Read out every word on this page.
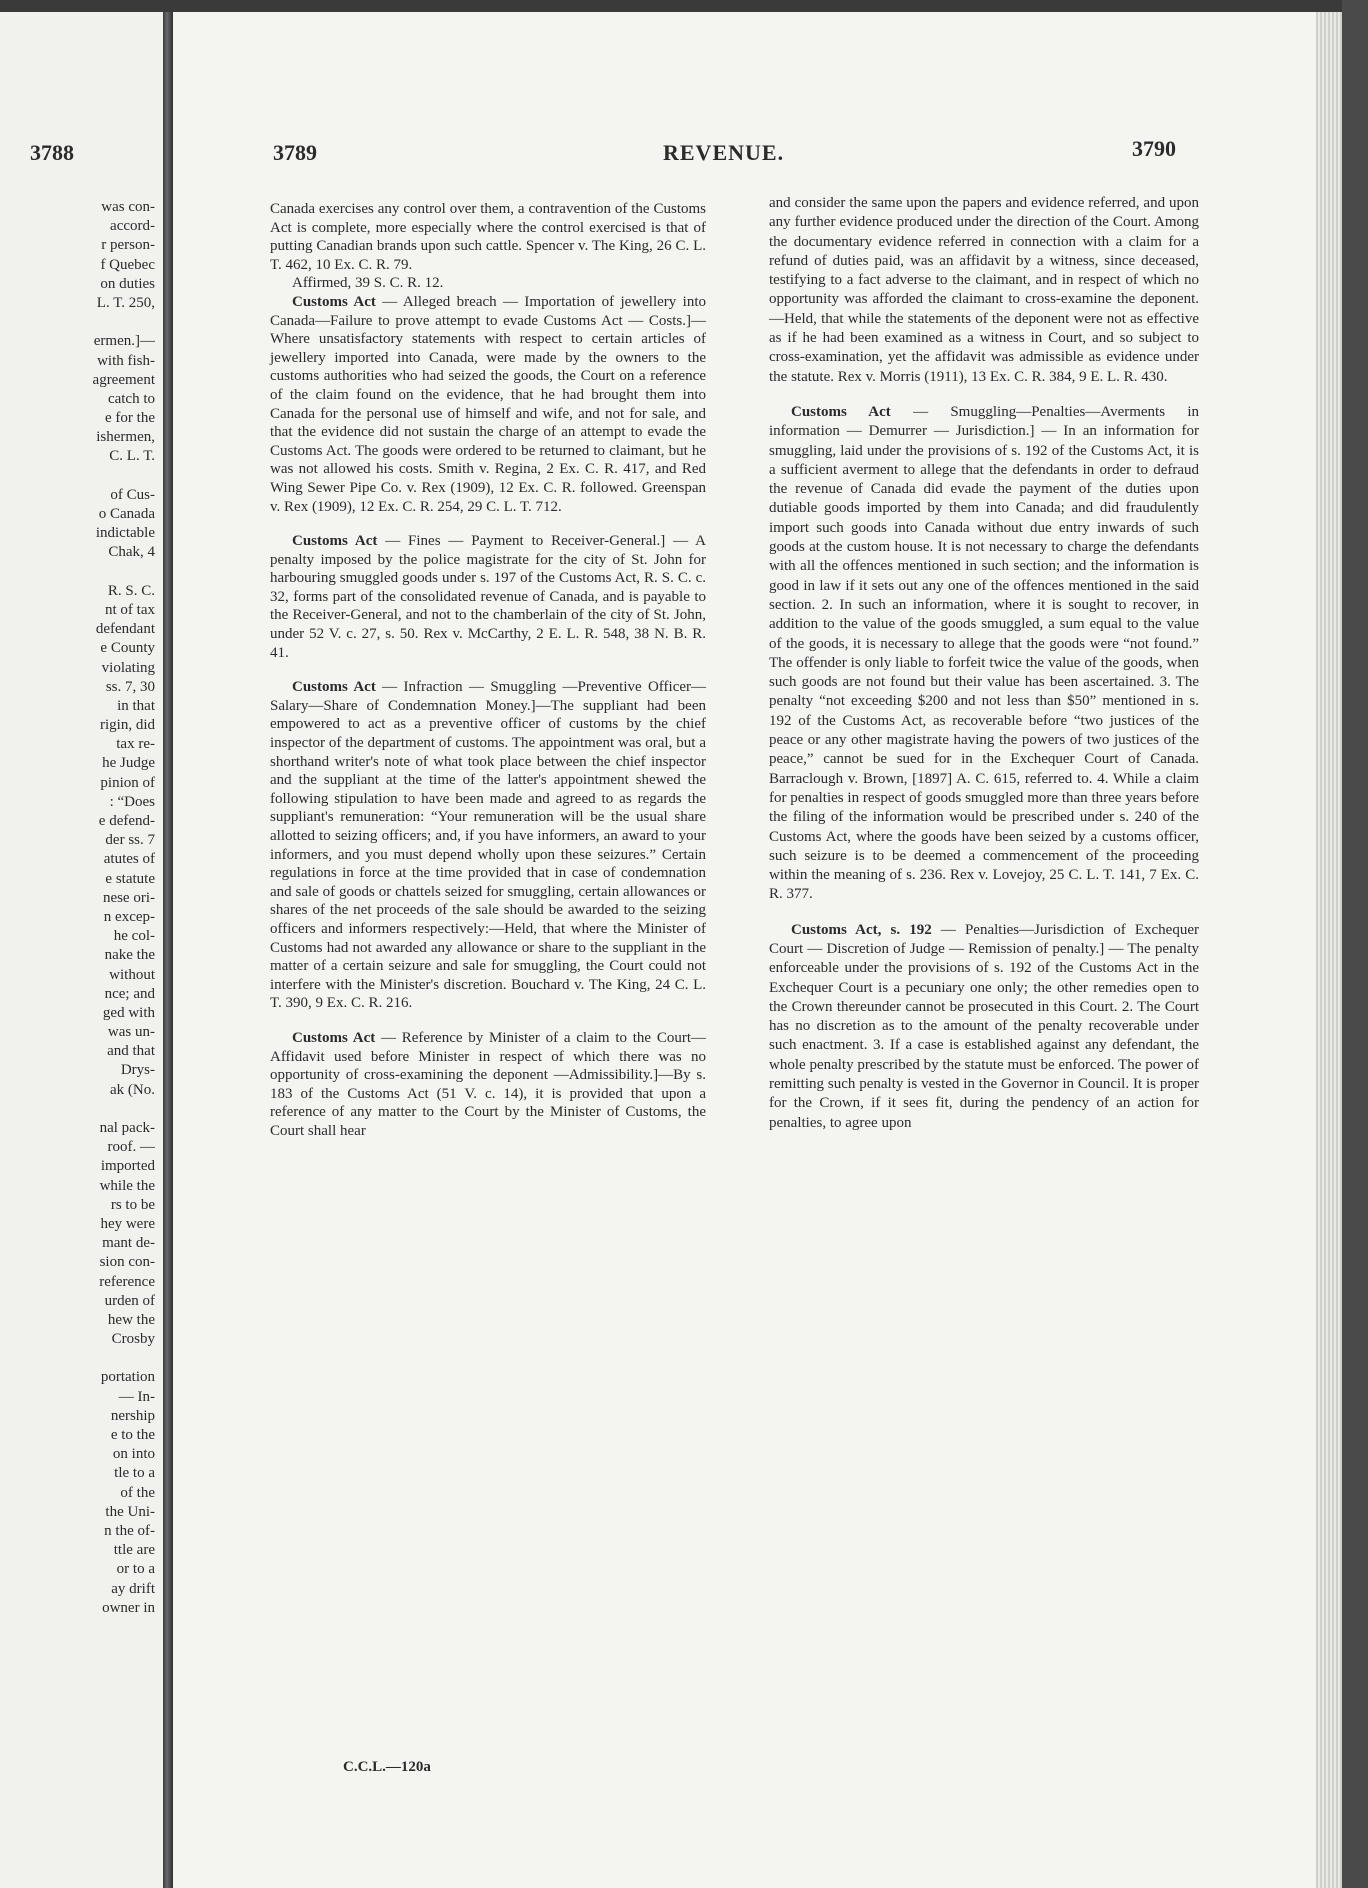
3788
was con-
accord-
r person-
f Quebec
on duties
L. T. 250,
ermen.]—
with fish-
agreement
catch to
e for the
ishermen,
C. L. T.
of Cus-
o Canada
indictable
Chak, 4
R. S. C.
nt of tax
defendant
e County
violating
ss. 7, 30
in that
rigin, did
tax re-
he Judge
pinion of
: “Does
e defend-
der ss. 7
atutes of
e statute
nese ori-
n excep-
he col-
nake the
without
nce; and
ged with
was un-
and that
Drys-
ak (No.
nal pack-
roof. —
imported
while the
rs to be
hey were
mant de-
sion con-
reference
urden of
hew the
Crosby
portation
— In-
nership
e to the
on into
tle to a
of the
the Uni-
n the of-
ttle are
or to a
ay drift
owner in
3789	REVENUE.	3790

Canada exercises any control over them, a contravention of the Customs Act is complete, more especially where the control exercised is that of putting Canadian brands upon such cattle. Spencer v. The King, 26 C. L. T. 462, 10 Ex. C. R. 79.

Affirmed, 39 S. C. R. 12.

Customs Act — Alleged breach — Importation of jewellery into Canada—Failure to prove attempt to evade Customs Act — Costs.]—Where unsatisfactory statements with respect to certain articles of jewellery imported into Canada, were made by the owners to the customs authorities who had seized the goods, the Court on a reference of the claim found on the evidence, that he had brought them into Canada for the personal use of himself and wife, and not for sale, and that the evidence did not sustain the charge of an attempt to evade the Customs Act. The goods were ordered to be returned to claimant, but he was not allowed his costs. Smith v. Regina, 2 Ex. C. R. 417, and Red Wing Sewer Pipe Co. v. Rex (1909), 12 Ex. C. R. followed. Greenspan v. Rex (1909), 12 Ex. C. R. 254, 29 C. L. T. 712.

Customs Act — Fines — Payment to Receiver-General.] — A penalty imposed by the police magistrate for the city of St. John for harbouring smuggled goods under s. 197 of the Customs Act, R. S. C. c. 32, forms part of the consolidated revenue of Canada, and is payable to the Receiver-General, and not to the chamberlain of the city of St. John, under 52 V. c. 27, s. 50. Rex v. McCarthy, 2 E. L. R. 548, 38 N. B. R. 41.

Customs Act — Infraction — Smuggling —Preventive Officer—Salary—Share of Condemnation Money.]—The suppliant had been empowered to act as a preventive officer of customs by the chief inspector of the department of customs. The appointment was oral, but a shorthand writer's note of what took place between the chief inspector and the suppliant at the time of the latter's appointment shewed the following stipulation to have been made and agreed to as regards the suppliant's remuneration: “Your remuneration will be the usual share allotted to seizing officers; and, if you have informers, an award to your informers, and you must depend wholly upon these seizures.” Certain regulations in force at the time provided that in case of condemnation and sale of goods or chattels seized for smuggling, certain allowances or shares of the net proceeds of the sale should be awarded to the seizing officers and informers respectively:—Held, that where the Minister of Customs had not awarded any allowance or share to the suppliant in the matter of a certain seizure and sale for smuggling, the Court could not interfere with the Minister's discretion. Bouchard v. The King, 24 C. L. T. 390, 9 Ex. C. R. 216.

Customs Act — Reference by Minister of a claim to the Court—Affidavit used before Minister in respect of which there was no opportunity of cross-examining the deponent —Admissibility.]—By s. 183 of the Customs Act (51 V. c. 14), it is provided that upon a reference of any matter to the Court by the Minister of Customs, the Court shall hear

and consider the same upon the papers and evidence referred, and upon any further evidence produced under the direction of the Court. Among the documentary evidence referred in connection with a claim for a refund of duties paid, was an affidavit by a witness, since deceased, testifying to a fact adverse to the claimant, and in respect of which no opportunity was afforded the claimant to cross-examine the deponent.—Held, that while the statements of the deponent were not as effective as if he had been examined as a witness in Court, and so subject to cross-examination, yet the affidavit was admissible as evidence under the statute. Rex v. Morris (1911), 13 Ex. C. R. 384, 9 E. L. R. 430.

Customs Act — Smuggling—Penalties—Averments in information — Demurrer — Jurisdiction.] — In an information for smuggling, laid under the provisions of s. 192 of the Customs Act, it is a sufficient averment to allege that the defendants in order to defraud the revenue of Canada did evade the payment of the duties upon dutiable goods imported by them into Canada; and did fraudulently import such goods into Canada without due entry inwards of such goods at the custom house. It is not necessary to charge the defendants with all the offences mentioned in such section; and the information is good in law if it sets out any one of the offences mentioned in the said section. 2. In such an information, where it is sought to recover, in addition to the value of the goods smuggled, a sum equal to the value of the goods, it is necessary to allege that the goods were “not found.” The offender is only liable to forfeit twice the value of the goods, when such goods are not found but their value has been ascertained. 3. The penalty “not exceeding $200 and not less than $50” mentioned in s. 192 of the Customs Act, as recoverable before “two justices of the peace or any other magistrate having the powers of two justices of the peace,” cannot be sued for in the Exchequer Court of Canada. Barraclough v. Brown, [1897] A. C. 615, referred to. 4. While a claim for penalties in respect of goods smuggled more than three years before the filing of the information would be prescribed under s. 240 of the Customs Act, where the goods have been seized by a customs officer, such seizure is to be deemed a commencement of the proceeding within the meaning of s. 236. Rex v. Lovejoy, 25 C. L. T. 141, 7 Ex. C. R. 377.

Customs Act, s. 192 — Penalties—Jurisdiction of Exchequer Court — Discretion of Judge — Remission of penalty.] — The penalty enforceable under the provisions of s. 192 of the Customs Act in the Exchequer Court is a pecuniary one only; the other remedies open to the Crown thereunder cannot be prosecuted in this Court. 2. The Court has no discretion as to the amount of the penalty recoverable under such enactment. 3. If a case is established against any defendant, the whole penalty prescribed by the statute must be enforced. The power of remitting such penalty is vested in the Governor in Council. It is proper for the Crown, if it sees fit, during the pendency of an action for penalties, to agree upon

C.C.L.—120a
